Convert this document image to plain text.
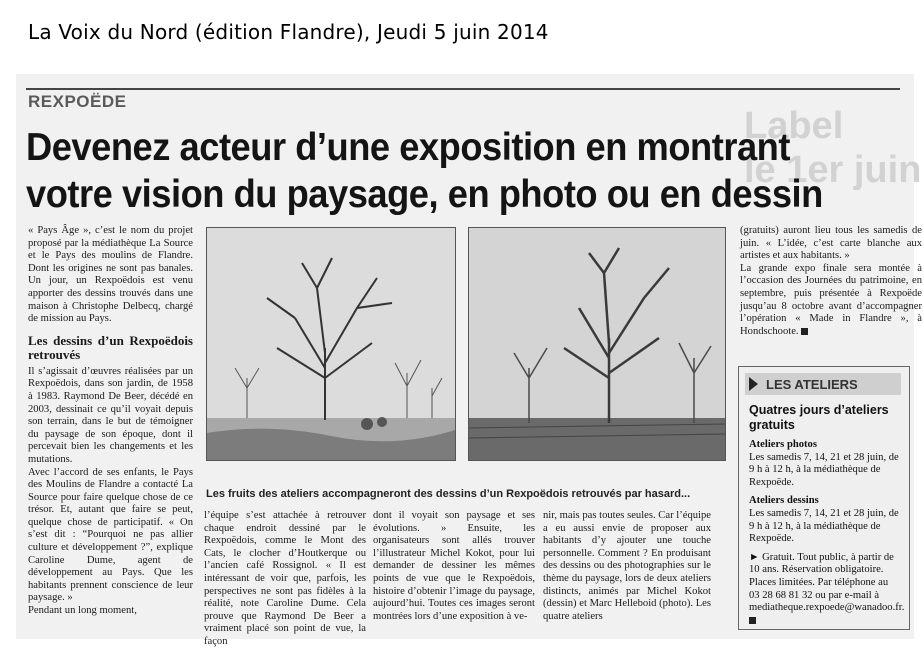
La Voix du Nord (édition Flandre), Jeudi 5 juin 2014
REXPOËDE
Label
le 1er juin
Devenez acteur d’une exposition en montrant
votre vision du paysage, en photo ou en dessin

« Pays Âge », c’est le nom du projet proposé par la médiathèque La Source et le Pays des moulins de Flandre. Dont les origines ne sont pas banales. Un jour, un Rexpoëdois est venu apporter des dessins trouvés dans une maison à Christophe Delbecq, chargé de mission au Pays.

Les dessins d’un Rexpoëdois retrouvés

Il s’agissait d’œuvres réalisées par un Rexpoëdois, dans son jardin, de 1958 à 1983. Raymond De Beer, décédé en 2003, dessinait ce qu’il voyait depuis son terrain, dans le but de témoigner du paysage de son époque, dont il percevait bien les changements et les mutations.

Avec l’accord de ses enfants, le Pays des Moulins de Flandre a contacté La Source pour faire quelque chose de ce trésor. Et, autant que faire se peut, quelque chose de participatif. « On s’est dit : “Pourquoi ne pas allier culture et développement ?”, explique Caroline Dume, agent de développement au Pays. Que les habitants prennent conscience de leur paysage. »

Pendant un long moment,

Les fruits des ateliers accompagneront des dessins d’un Rexpoëdois retrouvés par hasard...

l’équipe s’est attachée à retrouver chaque endroit dessiné par le Rexpoëdois, comme le Mont des Cats, le clocher d’Houtkerque ou l’ancien café Rossignol. « Il est intéressant de voir que, parfois, les perspectives ne sont pas fidèles à la réalité, note Caroline Dume. Cela prouve que Raymond De Beer a vraiment placé son point de vue, la façon

dont il voyait son paysage et ses évolutions. » Ensuite, les organisateurs sont allés trouver l’illustrateur Michel Kokot, pour lui demander de dessiner les mêmes points de vue que le Rexpoëdois, histoire d’obtenir l’image du paysage, aujourd’hui. Toutes ces images seront montrées lors d’une exposition à ve-

nir, mais pas toutes seules. Car l’équipe a eu aussi envie de proposer aux habitants d’y ajouter une touche personnelle. Comment ? En produisant des dessins ou des photographies sur le thème du paysage, lors de deux ateliers distincts, animés par Michel Kokot (dessin) et Marc Helleboid (photo). Les quatre ateliers

(gratuits) auront lieu tous les samedis de juin. « L’idée, c’est carte blanche aux artistes et aux habitants. »

La grande expo finale sera montée à l’occasion des Journées du patrimoine, en septembre, puis présentée à Rexpoëde jusqu’au 8 octobre avant d’accompagner l’opération « Made in Flandre », à Hondschoote.

LES ATELIERS
Quatres jours d’ateliers gratuits

Ateliers photos

Les samedis 7, 14, 21 et 28 juin, de 9 h à 12 h, à la médiathèque de Rexpoëde.

Ateliers dessins

Les samedis 7, 14, 21 et 28 juin, de 9 h à 12 h, à la médiathèque de Rexpoëde.

► Gratuit. Tout public, à partir de 10 ans. Réservation obligatoire. Places limitées. Par téléphone au 03 28 68 81 32 ou par e-mail à mediatheque.rexpoede@wanadoo.fr.
